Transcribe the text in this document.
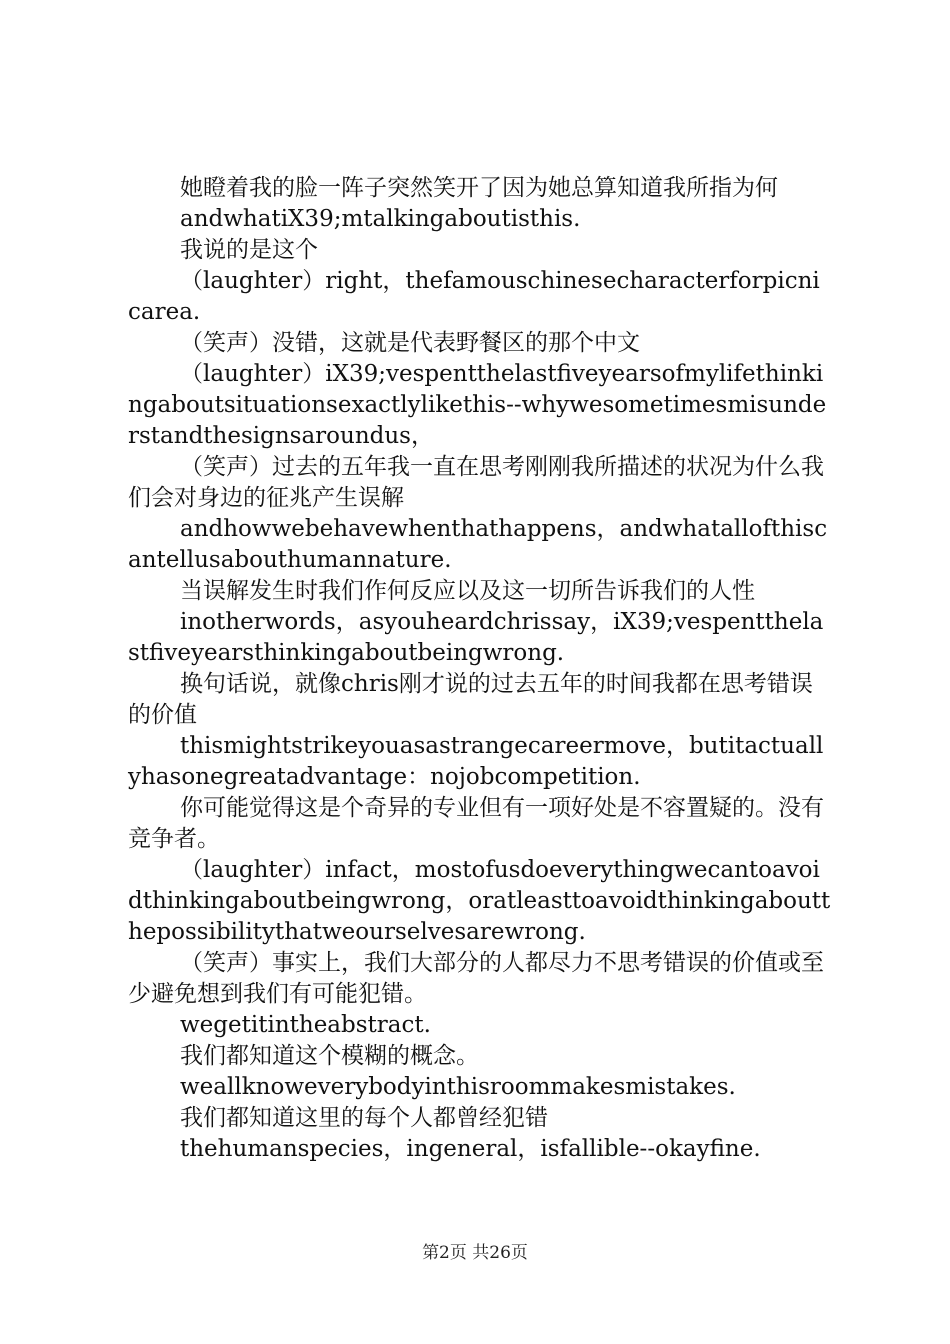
她瞪着我的脸一阵子突然笑开了因为她总算知道我所指为何

andwhatiX39;mtalkingaboutisthis.

我说的是这个

（laughter）right，thefamouschinesecharacterforpicnicarea.

（笑声）没错，这就是代表野餐区的那个中文

（laughter）iX39;vespentthelastfiveyearsofmylifethinkingaboutsituationsexactlylikethis--whywesometimesmisunderstandthesignsaroundus，

（笑声）过去的五年我一直在思考刚刚我所描述的状况为什么我们会对身边的征兆产生误解

andhowwebehavewhenthathappens，andwhatallofthiscantellusabouthumannature.

当误解发生时我们作何反应以及这一切所告诉我们的人性

inotherwords，asyouheardchrissay，iX39;vespentthelastfiveyearsthinkingaboutbeingwrong.

换句话说，就像chris刚才说的过去五年的时间我都在思考错误的价值

thismightstrikeyouasastrangecareermove，butitactuallyhasonegreatadvantage：nojobcompetition.

你可能觉得这是个奇异的专业但有一项好处是不容置疑的。没有竞争者。

（laughter）infact，mostofusdoeverythingwecantoavoidthinkingaboutbeingwrong，oratleasttoavoidthinkingaboutthepossibilitythatweourselvesarewrong.

（笑声）事实上，我们大部分的人都尽力不思考错误的价值或至少避免想到我们有可能犯错。

wegetitintheabstract.

我们都知道这个模糊的概念。

weallknoweverybodyinthisroommakesmistakes.

我们都知道这里的每个人都曾经犯错

thehumanspecies，ingeneral，isfallible--okayfine.

第2页 共26页
